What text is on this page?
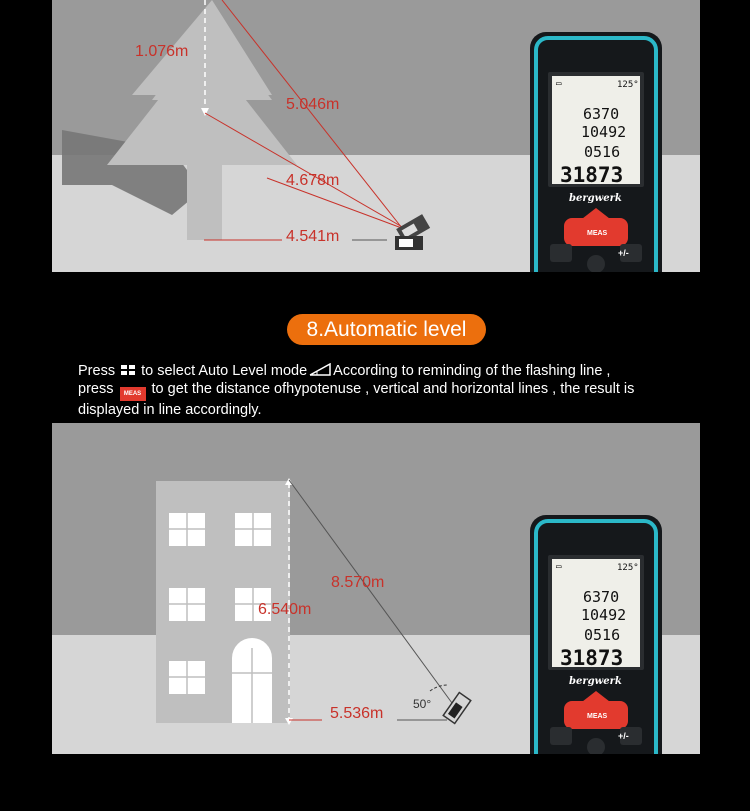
1.076m
5.046m
4.678m
4.541m
▭	125°
6370
10492
0516
31873
bergwerk
MEAS
+/-
8.Automatic level
Press to select Auto Level mode According to reminding of the flashing line ,
press MEAS to get the distance ofhypotenuse , vertical and horizontal lines , the result is
displayed in line accordingly.
8.570m
6.540m
5.536m
50°
▭	125°
6370
10492
0516
31873
bergwerk
MEAS
+/-
